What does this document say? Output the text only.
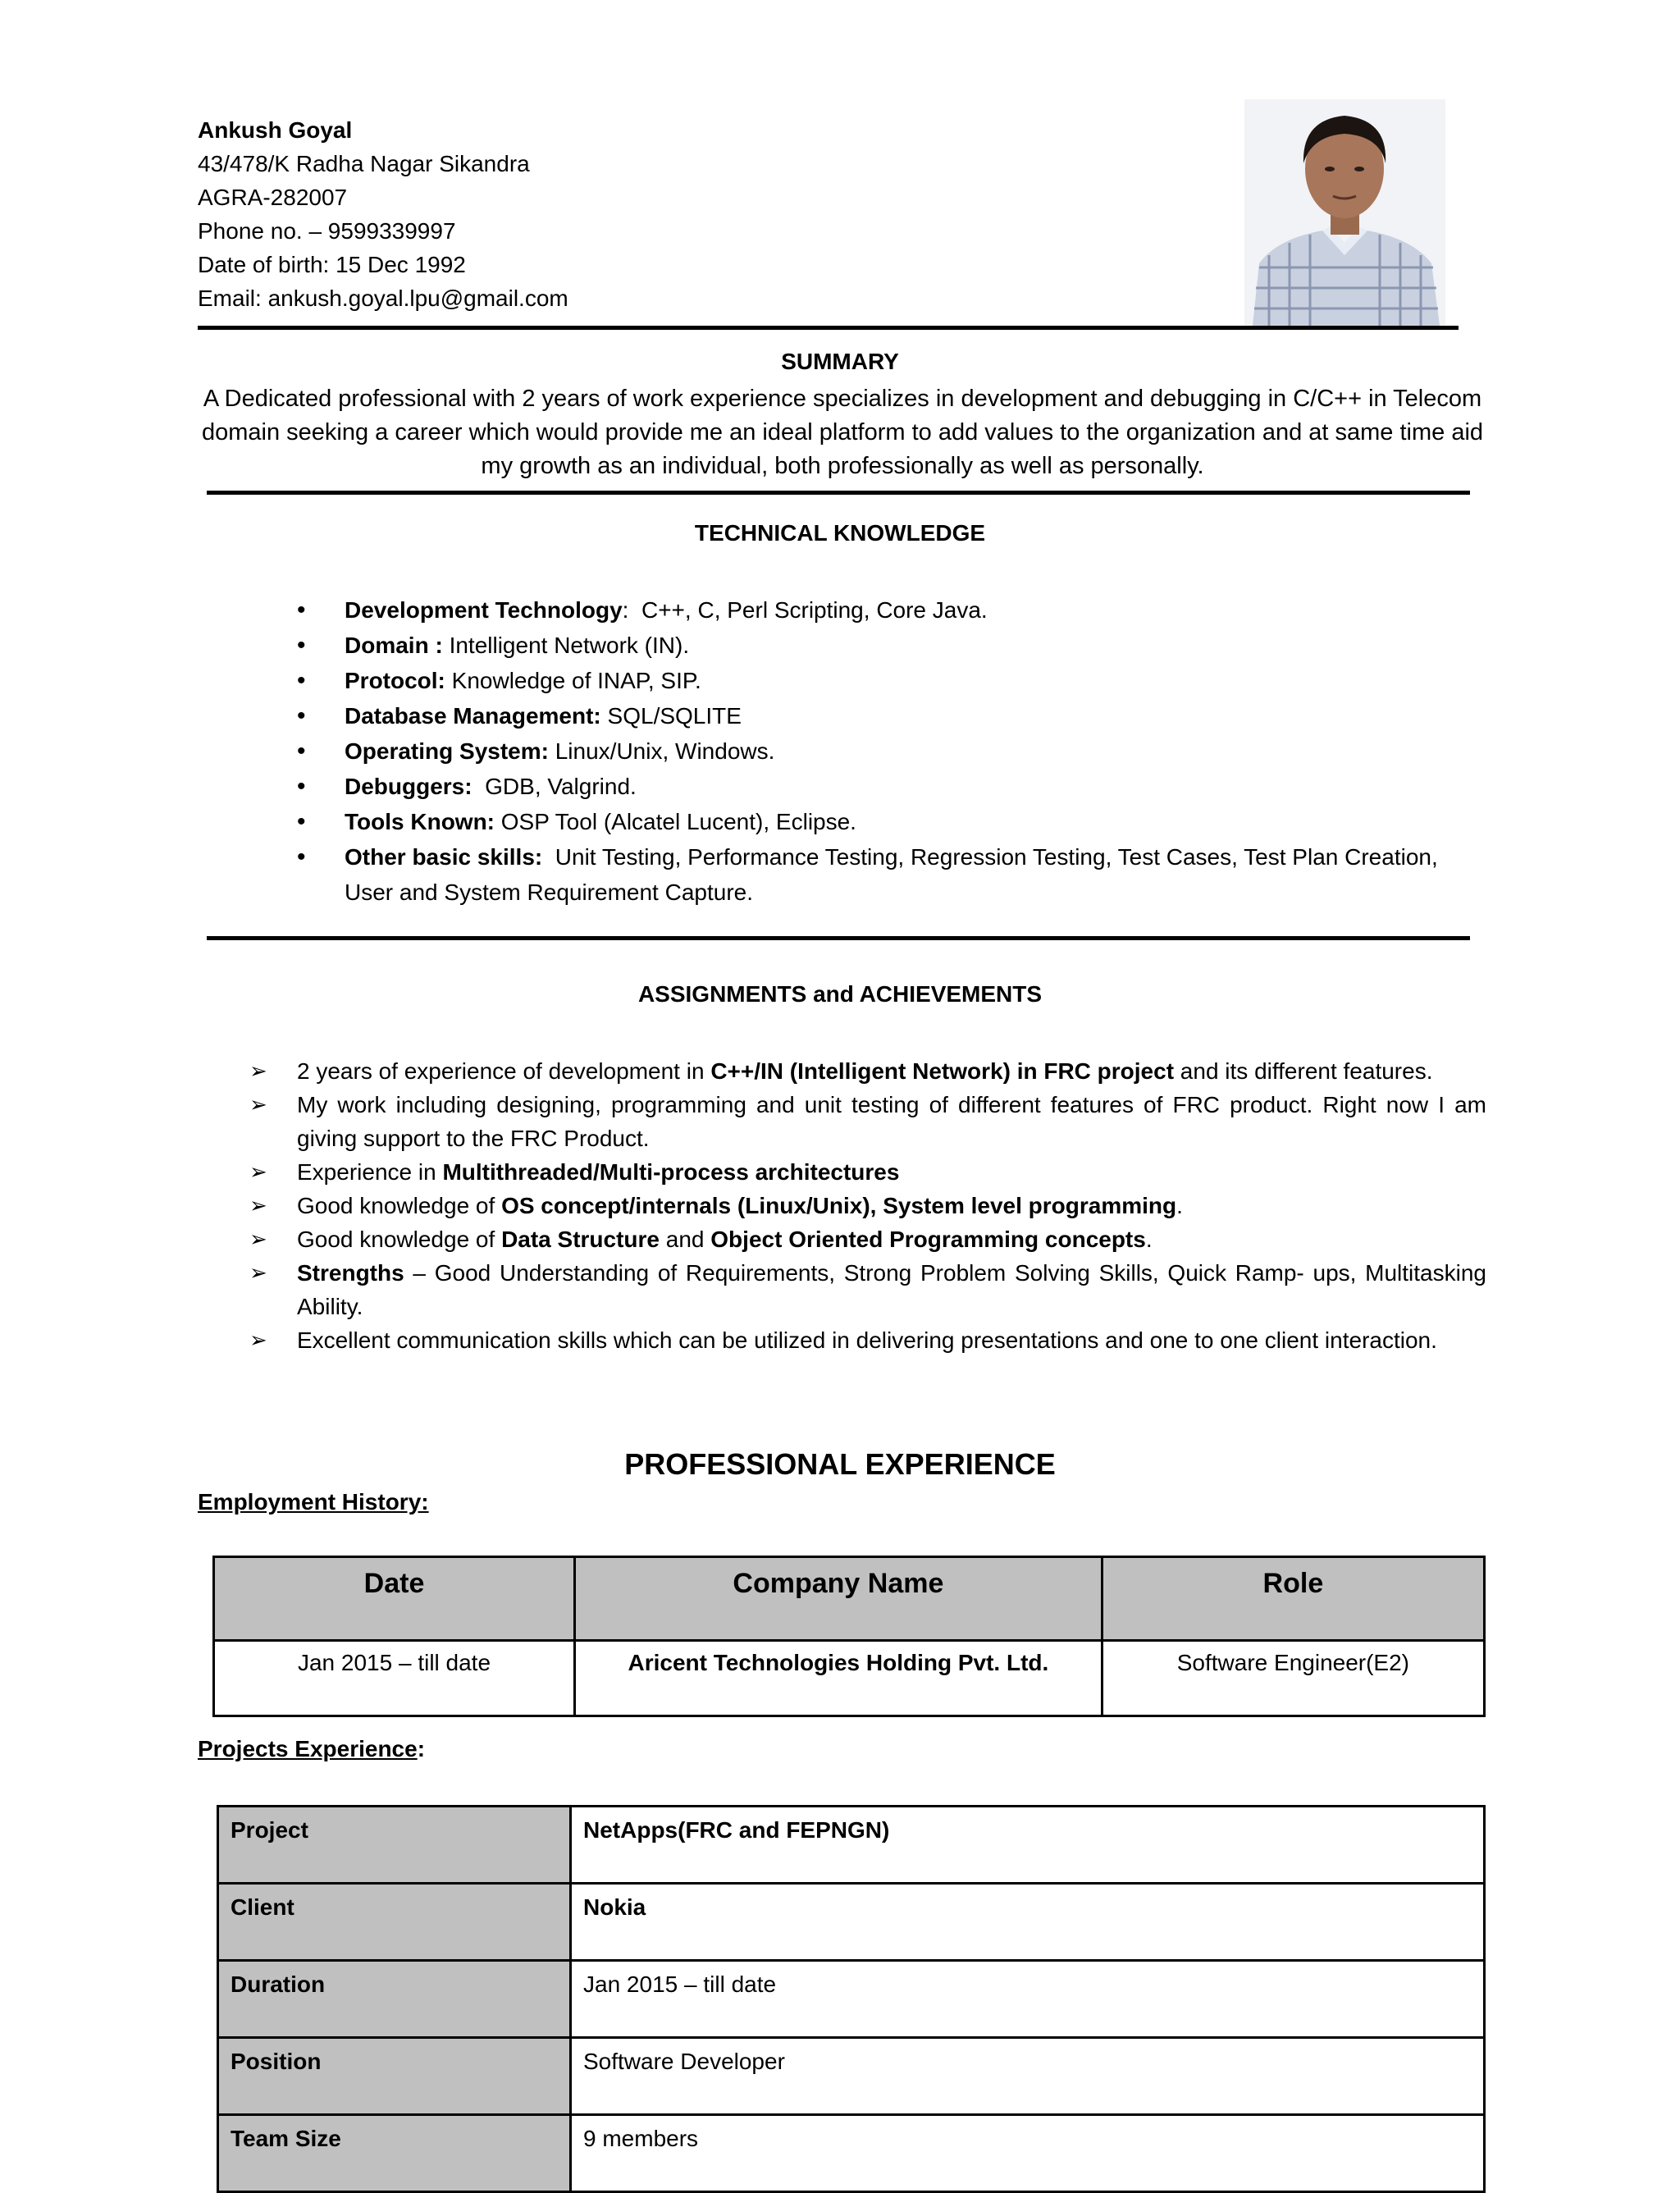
Ankush Goyal
43/478/K Radha Nagar Sikandra
AGRA-282007
Phone no. – 9599339997
Date of birth: 15 Dec 1992
Email: ankush.goyal.lpu@gmail.com
SUMMARY
A Dedicated professional with 2 years of work experience specializes in development and debugging in C/C++ in Telecom domain seeking a career which would provide me an ideal platform to add values to the organization and at same time aid my growth as an individual, both professionally as well as personally.
TECHNICAL KNOWLEDGE
• Development Technology:  C++, C, Perl Scripting, Core Java.
• Domain : Intelligent Network (IN).
• Protocol: Knowledge of INAP, SIP.
• Database Management: SQL/SQLITE
• Operating System: Linux/Unix, Windows.
• Debuggers: GDB, Valgrind.
• Tools Known: OSP Tool (Alcatel Lucent), Eclipse.
• Other basic skills: Unit Testing, Performance Testing, Regression Testing, Test Cases, Test Plan Creation, User and System Requirement Capture.
ASSIGNMENTS and ACHIEVEMENTS
➢ 2 years of experience of development in C++/IN (Intelligent Network) in FRC project and its different features.
➢ My work including designing, programming and unit testing of different features of FRC product. Right now I am giving support to the FRC Product.
➢ Experience in Multithreaded/Multi-process architectures
➢ Good knowledge of OS concept/internals (Linux/Unix), System level programming.
➢ Good knowledge of Data Structure and Object Oriented Programming concepts.
➢ Strengths – Good Understanding of Requirements, Strong Problem Solving Skills, Quick Ramp- ups, Multitasking Ability.
➢ Excellent communication skills which can be utilized in delivering presentations and one to one client interaction.
PROFESSIONAL EXPERIENCE
Employment History:
Date	Company Name	Role
Jan 2015 – till date	Aricent Technologies Holding Pvt. Ltd.	Software Engineer(E2)
Projects Experience:
Project	NetApps(FRC and FEPNGN)
Client	Nokia
Duration	Jan 2015 – till date
Position	Software Developer
Team Size	9 members
